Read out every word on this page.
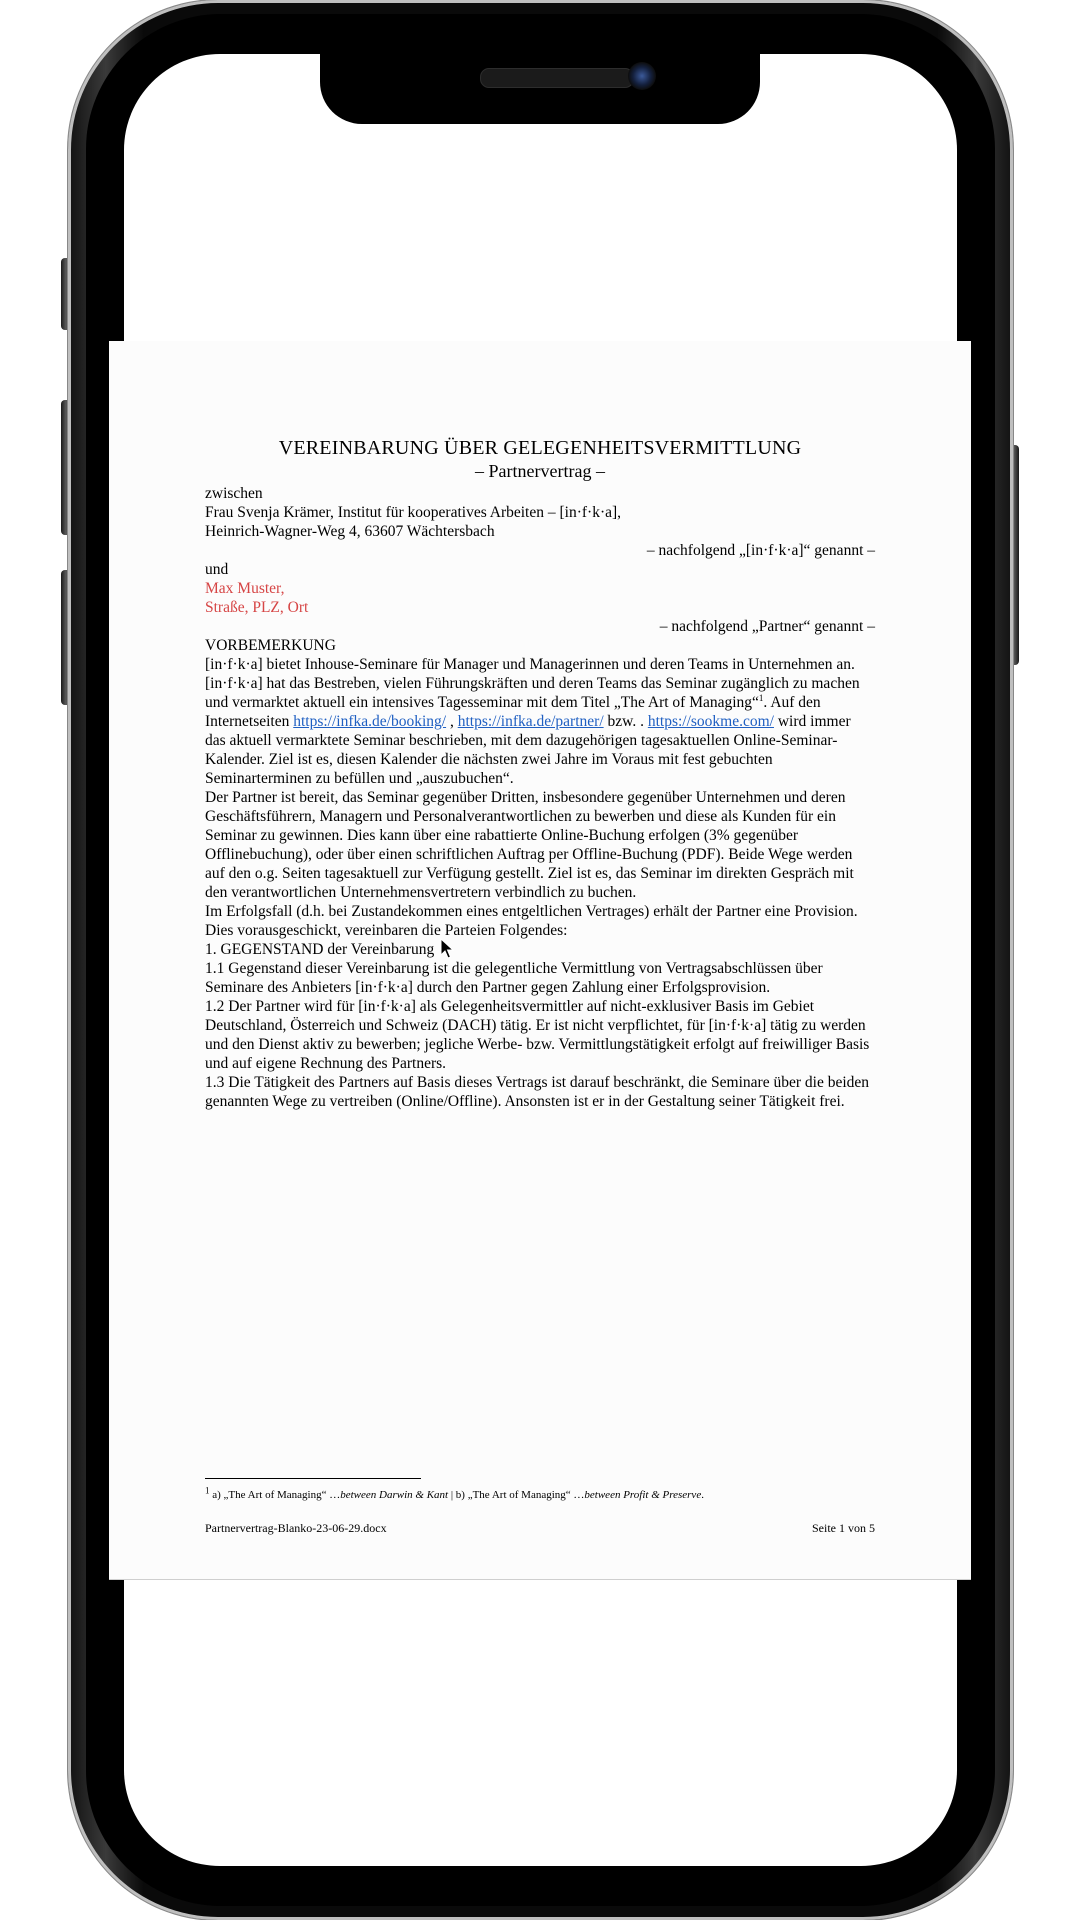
VEREINBARUNG ÜBER GELEGENHEITSVERMITTLUNG

– Partnervertrag –

zwischen

Frau Svenja Krämer, Institut für kooperatives Arbeiten – [in·f·k·a],

Heinrich-Wagner-Weg 4, 63607 Wächtersbach

– nachfolgend „[in·f·k·a]“ genannt –

und

Max Muster,

Straße, PLZ, Ort

– nachfolgend „Partner“ genannt –

VORBEMERKUNG

[in·f·k·a] bietet Inhouse-Seminare für Manager und Managerinnen und deren Teams in Unternehmen an. [in·f·k·a] hat das Bestreben, vielen Führungskräften und deren Teams das Seminar zugänglich zu machen und vermarktet aktuell ein intensives Tagesseminar mit dem Titel „The Art of Managing“$^1$. Auf den Internetseiten https://infka.de/booking/ , https://infka.de/partner/ bzw. . https://sookme.com/ wird immer das aktuell vermarktete Seminar beschrieben, mit dem dazugehörigen tagesaktuellen Online-Seminar-Kalender. Ziel ist es, diesen Kalender die nächsten zwei Jahre im Voraus mit fest gebuchten Seminarterminen zu befüllen und „auszubuchen“.

Der Partner ist bereit, das Seminar gegenüber Dritten, insbesondere gegenüber Unternehmen und deren Geschäftsführern, Managern und Personalverantwortlichen zu bewerben und diese als Kunden für ein Seminar zu gewinnen. Dies kann über eine rabattierte Online-Buchung erfolgen (3% gegenüber Offlinebuchung), oder über einen schriftlichen Auftrag per Offline-Buchung (PDF). Beide Wege werden auf den o.g. Seiten tagesaktuell zur Verfügung gestellt. Ziel ist es, das Seminar im direkten Gespräch mit den verantwortlichen Unternehmensvertretern verbindlich zu buchen.

Im Erfolgsfall (d.h. bei Zustandekommen eines entgeltlichen Vertrages) erhält der Partner eine Provision. Dies vorausgeschickt, vereinbaren die Parteien Folgendes:

1. GEGENSTAND der Vereinbarung

1.1 Gegenstand dieser Vereinbarung ist die gelegentliche Vermittlung von Vertragsabschlüssen über Seminare des Anbieters [in·f·k·a] durch den Partner gegen Zahlung einer Erfolgsprovision.

1.2 Der Partner wird für [in·f·k·a] als Gelegenheitsvermittler auf nicht-exklusiver Basis im Gebiet Deutschland, Österreich und Schweiz (DACH) tätig. Er ist nicht verpflichtet, für [in·f·k·a] tätig zu werden und den Dienst aktiv zu bewerben; jegliche Werbe- bzw. Vermittlungstätigkeit erfolgt auf freiwilliger Basis und auf eigene Rechnung des Partners.

1.3 Die Tätigkeit des Partners auf Basis dieses Vertrags ist darauf beschränkt, die Seminare über die beiden genannten Wege zu vertreiben (Online/Offline). Ansonsten ist er in der Gestaltung seiner Tätigkeit frei.

$^1$ a) „The Art of Managing“ …between Darwin & Kant | b) „The Art of Managing“ …between Profit & Preserve.
Partnervertrag-Blanko-23-06-29.docx	Seite 1 von 5
